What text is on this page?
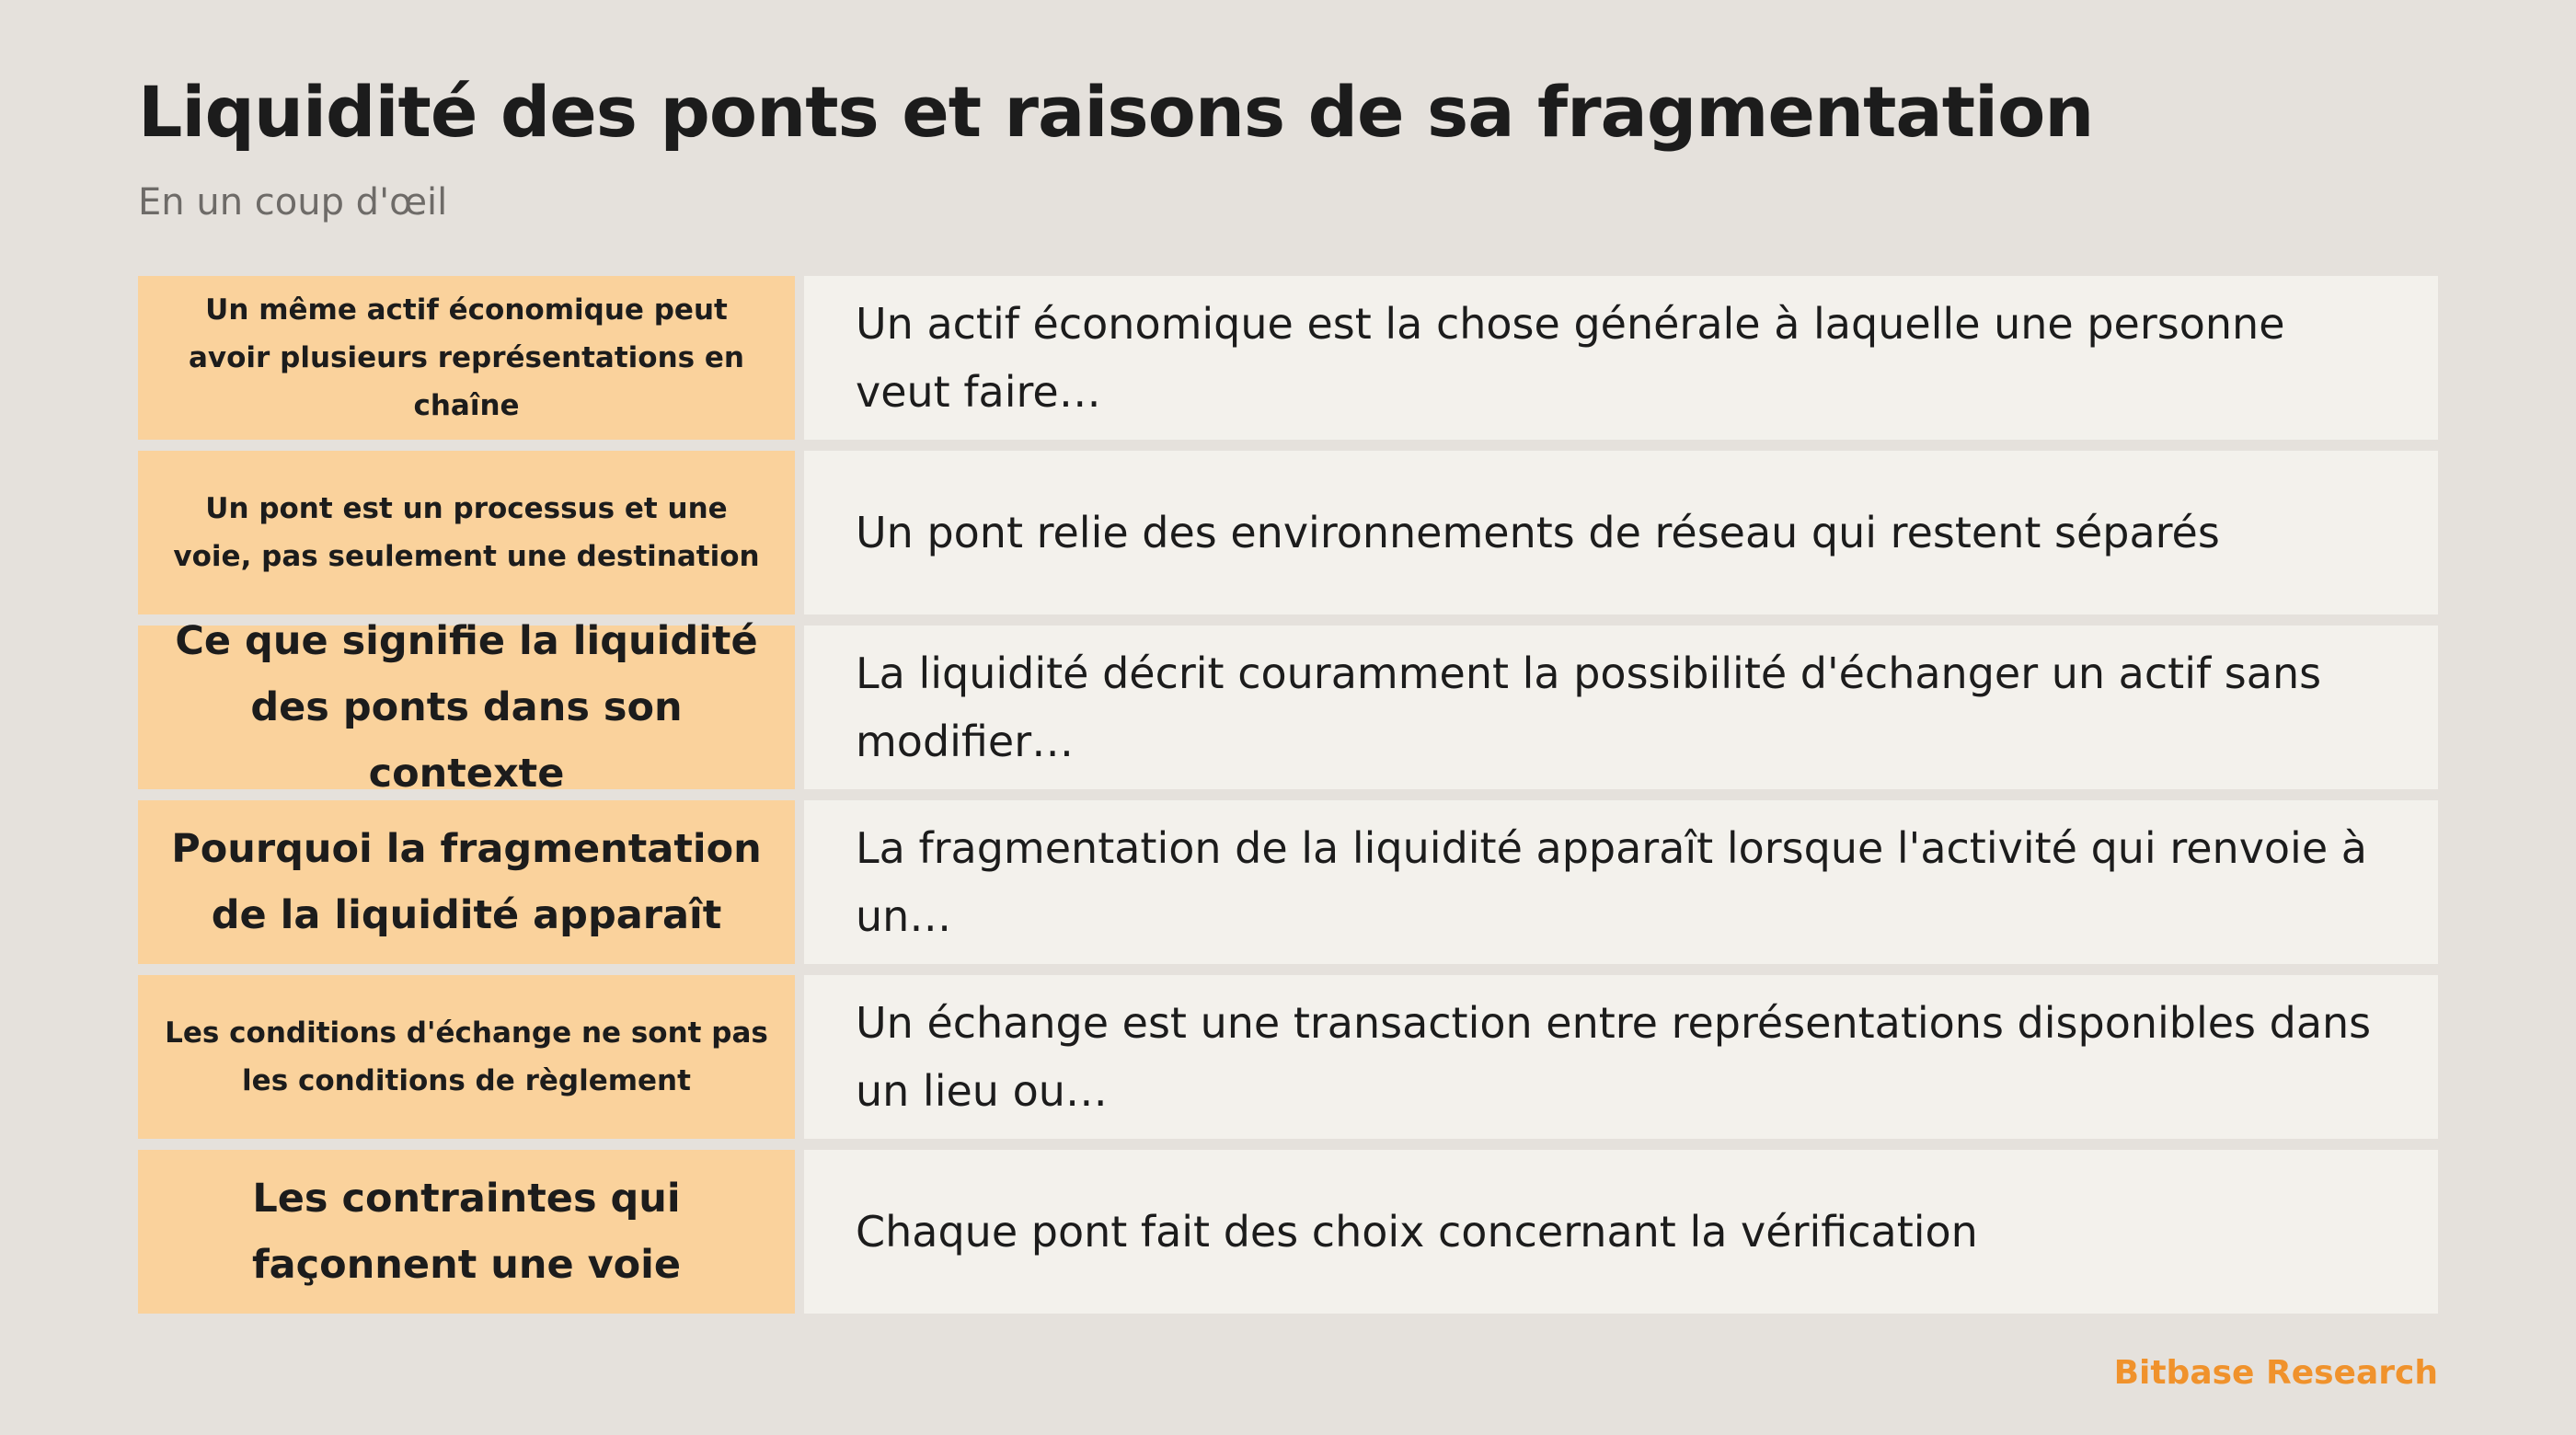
Liquidité des ponts et raisons de sa fragmentation

En un coup d'œil

Un même actif économique peut avoir plusieurs représentations en chaîne
Un actif économique est la chose générale à laquelle une personne veut faire…
Un pont est un processus et une voie, pas seulement une destination	Un pont relie des environnements de réseau qui restent séparés
Ce que signifie la liquidité des ponts dans son contexte
La liquidité décrit couramment la possibilité d'échanger un actif sans modifier…
Pourquoi la fragmentation de la liquidité apparaît
La fragmentation de la liquidité apparaît lorsque l'activité qui renvoie à un…
Les conditions d'échange ne sont pas les conditions de règlement
Un échange est une transaction entre représentations disponibles dans un lieu ou…
Les contraintes qui façonnent une voie
Chaque pont fait des choix concernant la vérification

Bitbase Research
